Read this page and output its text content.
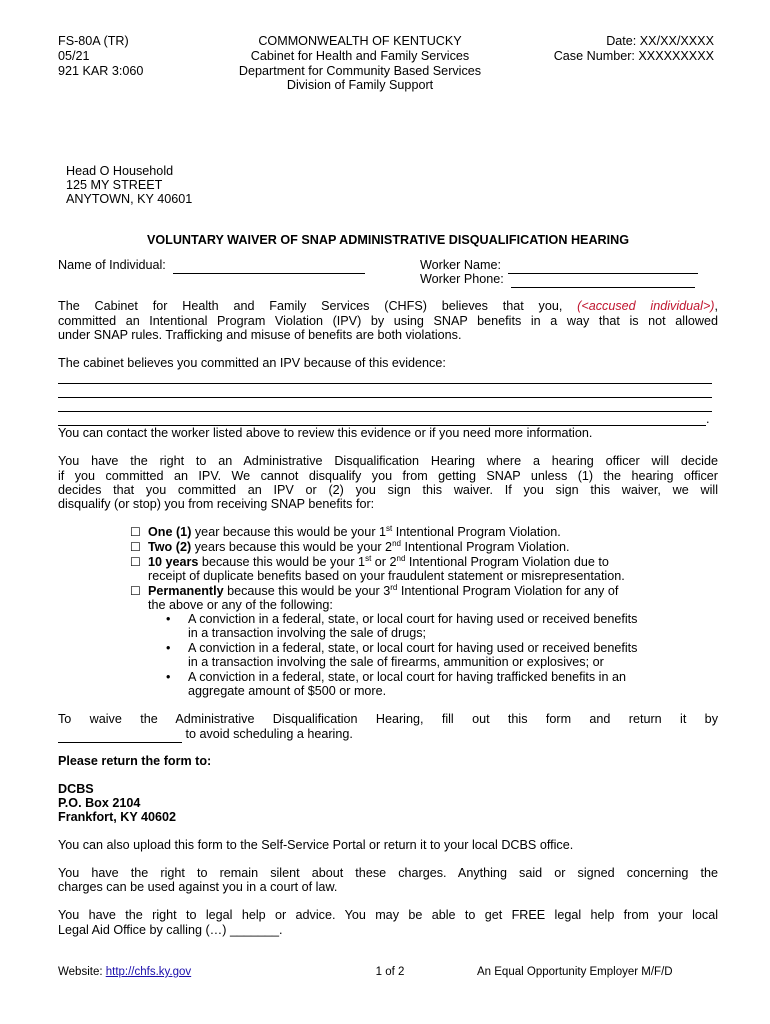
FS-80A (TR)
05/21
921 KAR 3:060
COMMONWEALTH OF KENTUCKY
Cabinet for Health and Family Services
Department for Community Based Services
Division of Family Support
Date: XX/XX/XXXX
Case Number: XXXXXXXXX
Head O Household
125 MY STREET
ANYTOWN, KY 40601
VOLUNTARY WAIVER OF SNAP ADMINISTRATIVE DISQUALIFICATION HEARING
Name of Individual:	Worker Name:
Worker Phone:
The Cabinet for Health and Family Services (CHFS) believes that you, (<accused individual>),
committed an Intentional Program Violation (IPV) by using SNAP benefits in a way that is not allowed
under SNAP rules. Trafficking and misuse of benefits are both violations.
The cabinet believes you committed an IPV because of this evidence:
.
You can contact the worker listed above to review this evidence or if you need more information.
You have the right to an Administrative Disqualification Hearing where a hearing officer will decide
if you committed an IPV. We cannot disqualify you from getting SNAP unless (1) the hearing officer
decides that you committed an IPV or (2) you sign this waiver. If you sign this waiver, we will
disqualify (or stop) you from receiving SNAP benefits for:
☐ One (1) year because this would be your 1st Intentional Program Violation.
☐ Two (2) years because this would be your 2nd Intentional Program Violation.
☐ 10 years because this would be your 1st or 2nd Intentional Program Violation due to
receipt of duplicate benefits based on your fraudulent statement or misrepresentation.
☐ Permanently because this would be your 3rd Intentional Program Violation for any of
the above or any of the following:
• A conviction in a federal, state, or local court for having used or received benefits
in a transaction involving the sale of drugs;
• A conviction in a federal, state, or local court for having used or received benefits
in a transaction involving the sale of firearms, ammunition or explosives; or
• A conviction in a federal, state, or local court for having trafficked benefits in an
aggregate amount of $500 or more.
To waive the Administrative Disqualification Hearing, fill out this form and return it by
to avoid scheduling a hearing.
Please return the form to:
DCBS
P.O. Box 2104
Frankfort, KY 40602
You can also upload this form to the Self-Service Portal or return it to your local DCBS office.
You have the right to remain silent about these charges. Anything said or signed concerning the
charges can be used against you in a court of law.
You have the right to legal help or advice. You may be able to get FREE legal help from your local
Legal Aid Office by calling (…) _______.
Website: http://chfs.ky.gov	1 of 2	An Equal Opportunity Employer M/F/D
